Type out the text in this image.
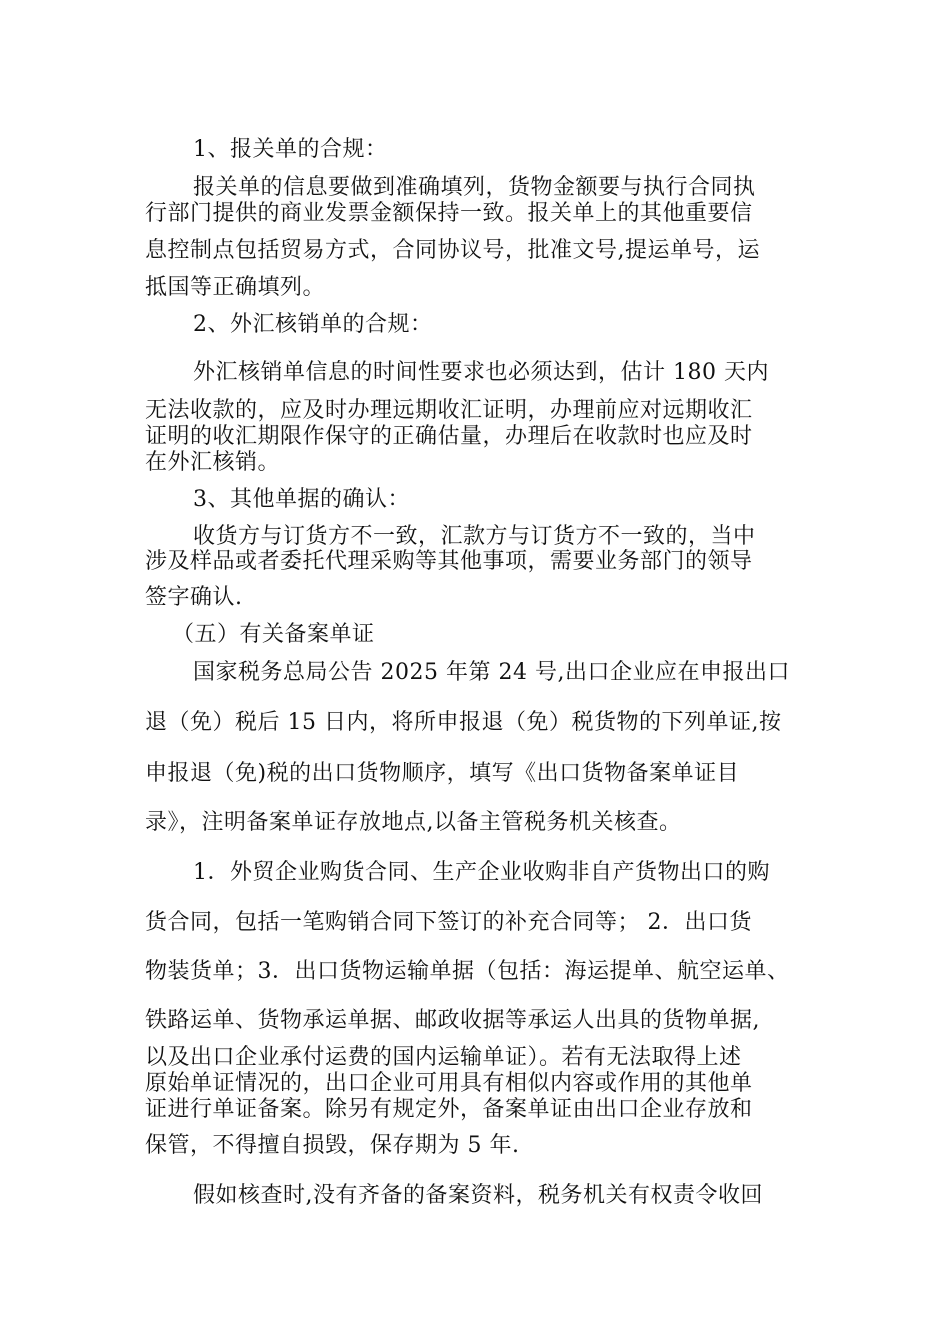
1、报关单的合规：
报关单的信息要做到准确填列，货物金额要与执行合同执
行部门提供的商业发票金额保持一致。报关单上的其他重要信
息控制点包括贸易方式，合同协议号，批准文号,提运单号，运
抵国等正确填列。
2、外汇核销单的合规：
外汇核销单信息的时间性要求也必须达到，估计 180 天内
无法收款的，应及时办理远期收汇证明，办理前应对远期收汇
证明的收汇期限作保守的正确估量，办理后在收款时也应及时
在外汇核销。
3、其他单据的确认：
收货方与订货方不一致，汇款方与订货方不一致的，当中
涉及样品或者委托代理采购等其他事项，需要业务部门的领导
签字确认.
（五）有关备案单证
国家税务总局公告 2025 年第 24 号,出口企业应在申报出口
退（免）税后 15 日内，将所申报退（免）税货物的下列单证,按
申报退（免)税的出口货物顺序，填写《出口货物备案单证目
录》，注明备案单证存放地点,以备主管税务机关核查。
1．外贸企业购货合同、生产企业收购非自产货物出口的购
货合同，包括一笔购销合同下签订的补充合同等； 2．出口货
物装货单；3．出口货物运输单据（包括：海运提单、航空运单、
铁路运单、货物承运单据、邮政收据等承运人出具的货物单据,
以及出口企业承付运费的国内运输单证）。若有无法取得上述
原始单证情况的，出口企业可用具有相似内容或作用的其他单
证进行单证备案。除另有规定外，备案单证由出口企业存放和
保管，不得擅自损毁，保存期为 5 年.
假如核查时,没有齐备的备案资料，税务机关有权责令收回
